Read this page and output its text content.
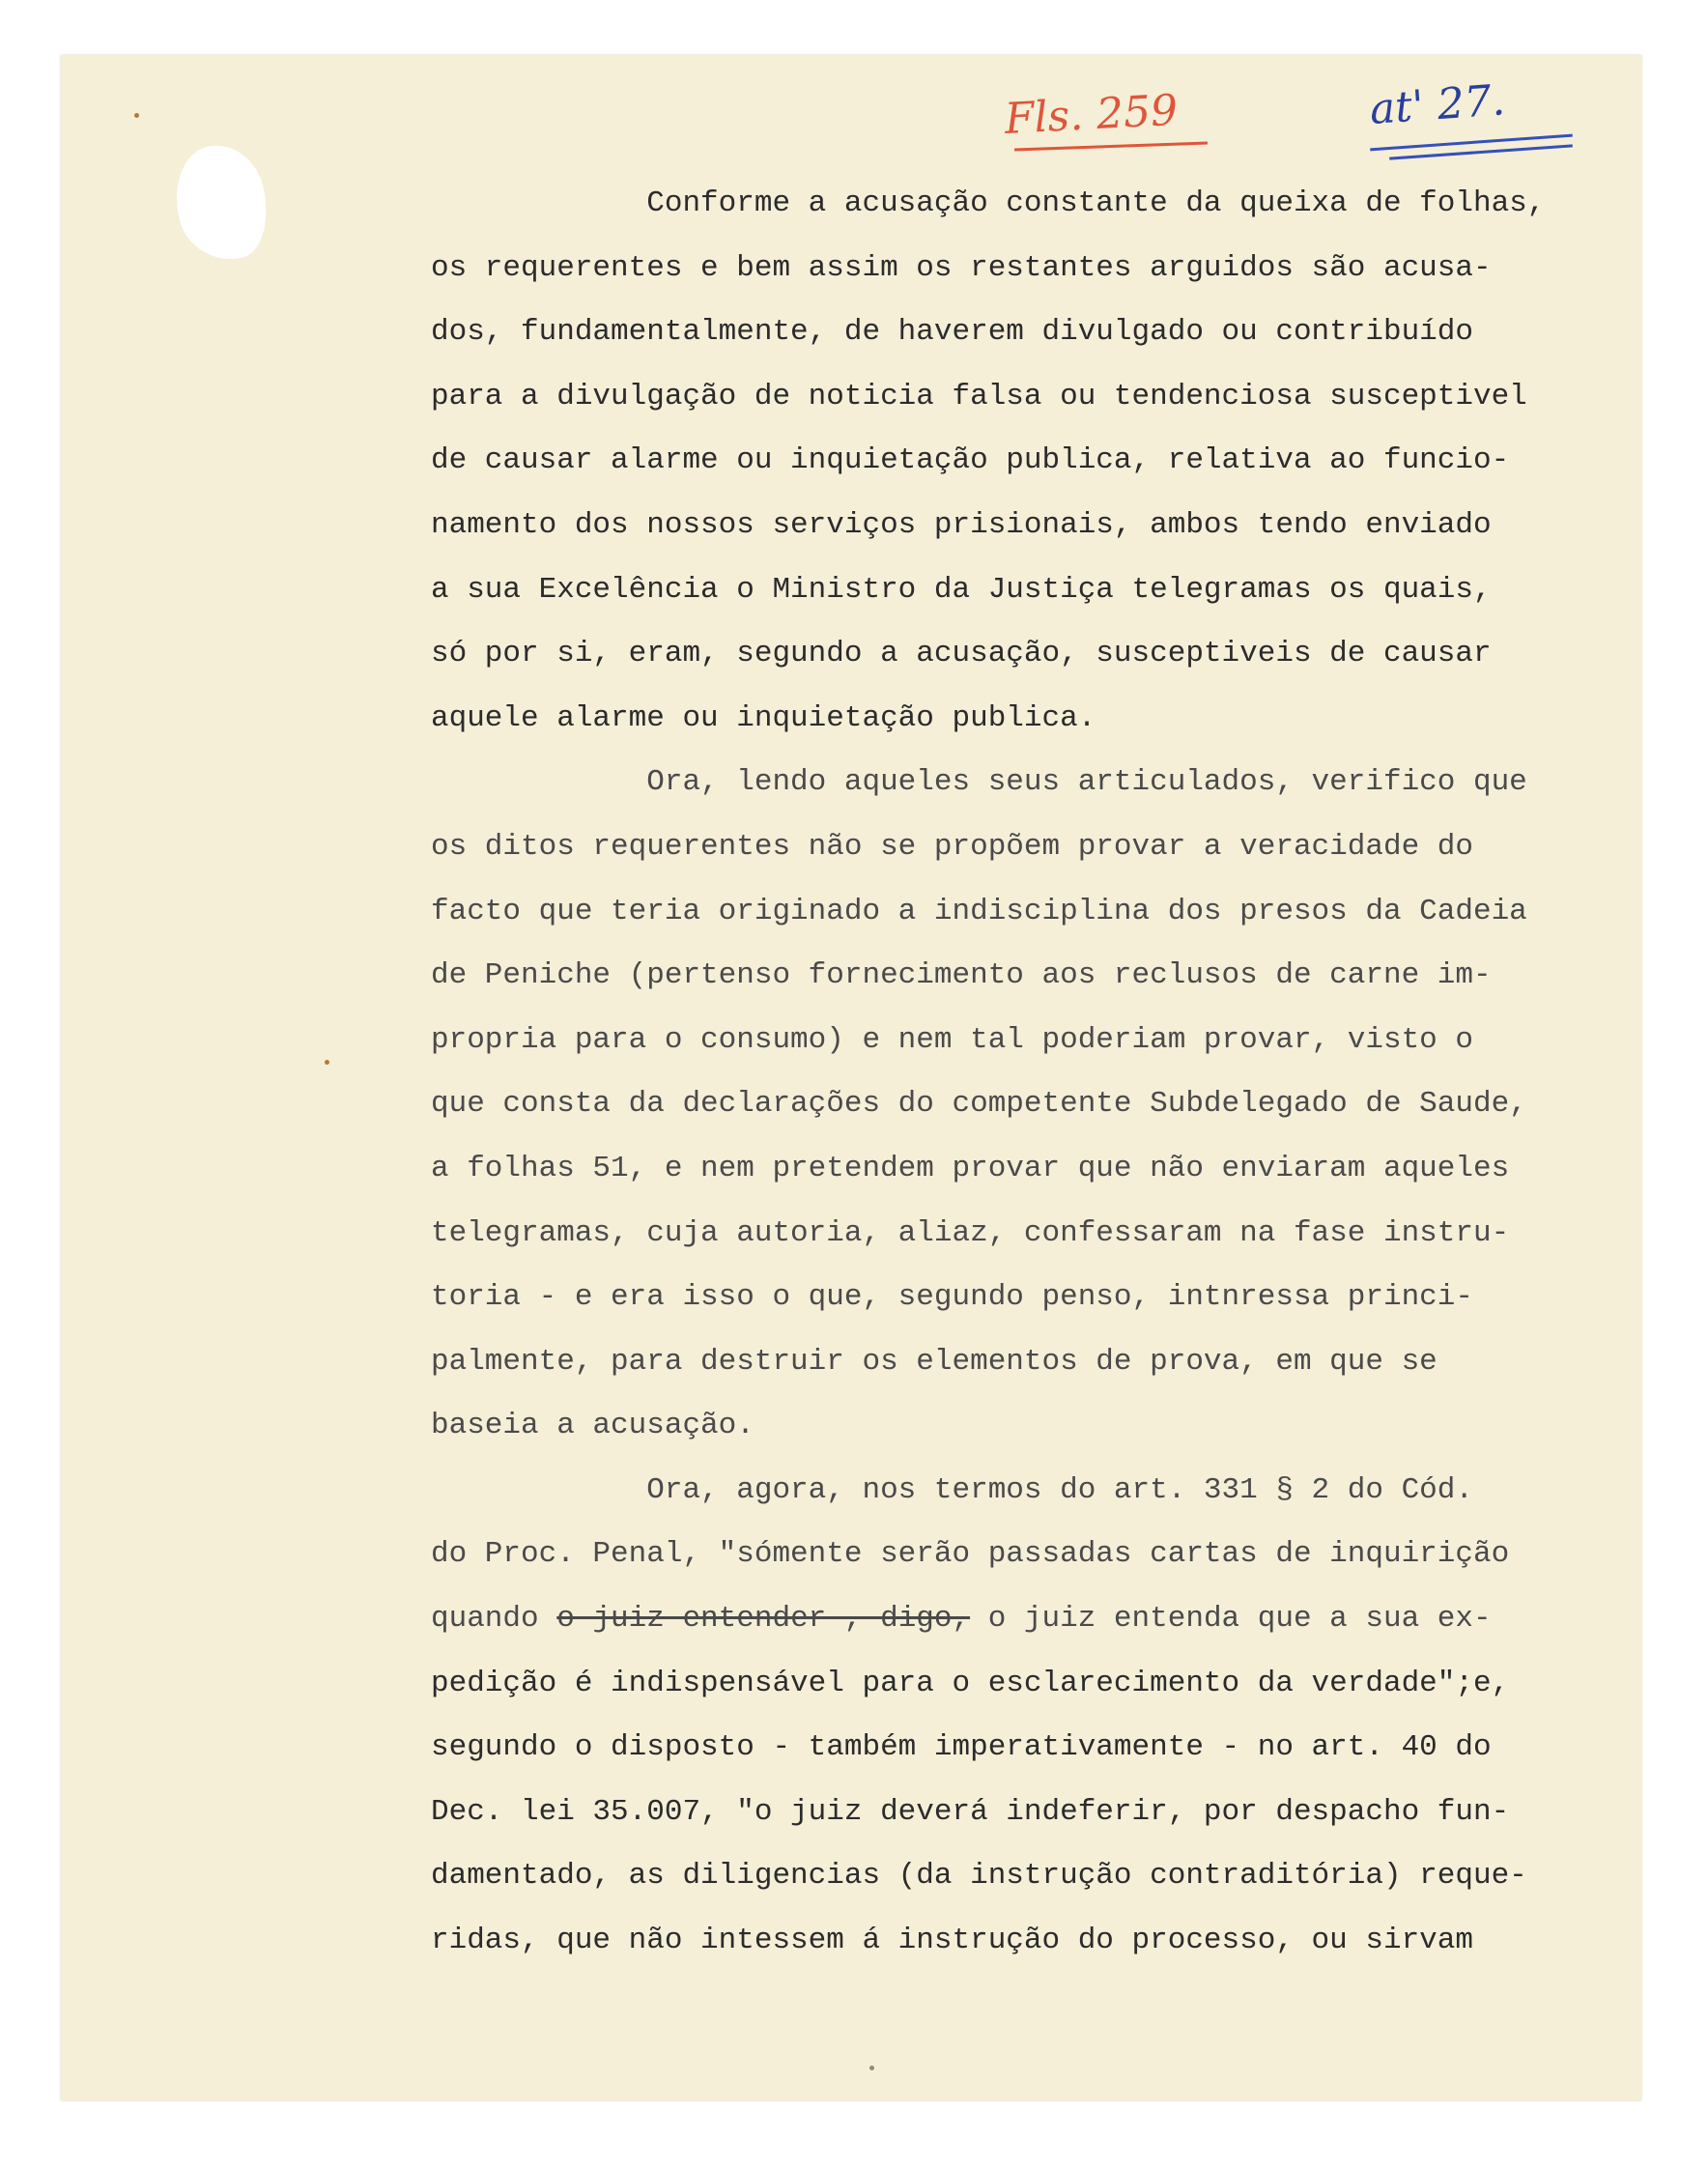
Fls. 259	at' 27.
Conforme a acusação constante da queixa de folhas,
os requerentes e bem assim os restantes arguidos são acusa-
dos, fundamentalmente, de haverem divulgado ou contribuído
para a divulgação de noticia falsa ou tendenciosa susceptivel
de causar alarme ou inquietação publica, relativa ao funcio-
namento dos nossos serviços prisionais, ambos tendo enviado
a sua Excelência o Ministro da Justiça telegramas os quais,
só por si, eram, segundo a acusação, susceptiveis de causar
aquele alarme ou inquietação publica.
Ora, lendo aqueles seus articulados, verifico que
os ditos requerentes não se propõem provar a veracidade do
facto que teria originado a indisciplina dos presos da Cadeia
de Peniche (pertenso fornecimento aos reclusos de carne im-
propria para o consumo) e nem tal poderiam provar, visto o
que consta da declarações do competente Subdelegado de Saude,
a folhas 51, e nem pretendem provar que não enviaram aqueles
telegramas, cuja autoria, aliaz, confessaram na fase instru-
toria - e era isso o que, segundo penso, intnressa princi-
palmente, para destruir os elementos de prova, em que se
baseia a acusação.
Ora, agora, nos termos do art. 331 § 2 do Cód.
do Proc. Penal, "sómente serão passadas cartas de inquirição
quando o juiz entender , digo, o juiz entenda que a sua ex-
pedição é indispensável para o esclarecimento da verdade";e,
segundo o disposto - também imperativamente - no art. 40 do
Dec. lei 35.007, "o juiz deverá indeferir, por despacho fun-
damentado, as diligencias (da instrução contraditória) reque-
ridas, que não intessem á instrução do processo, ou sirvam
